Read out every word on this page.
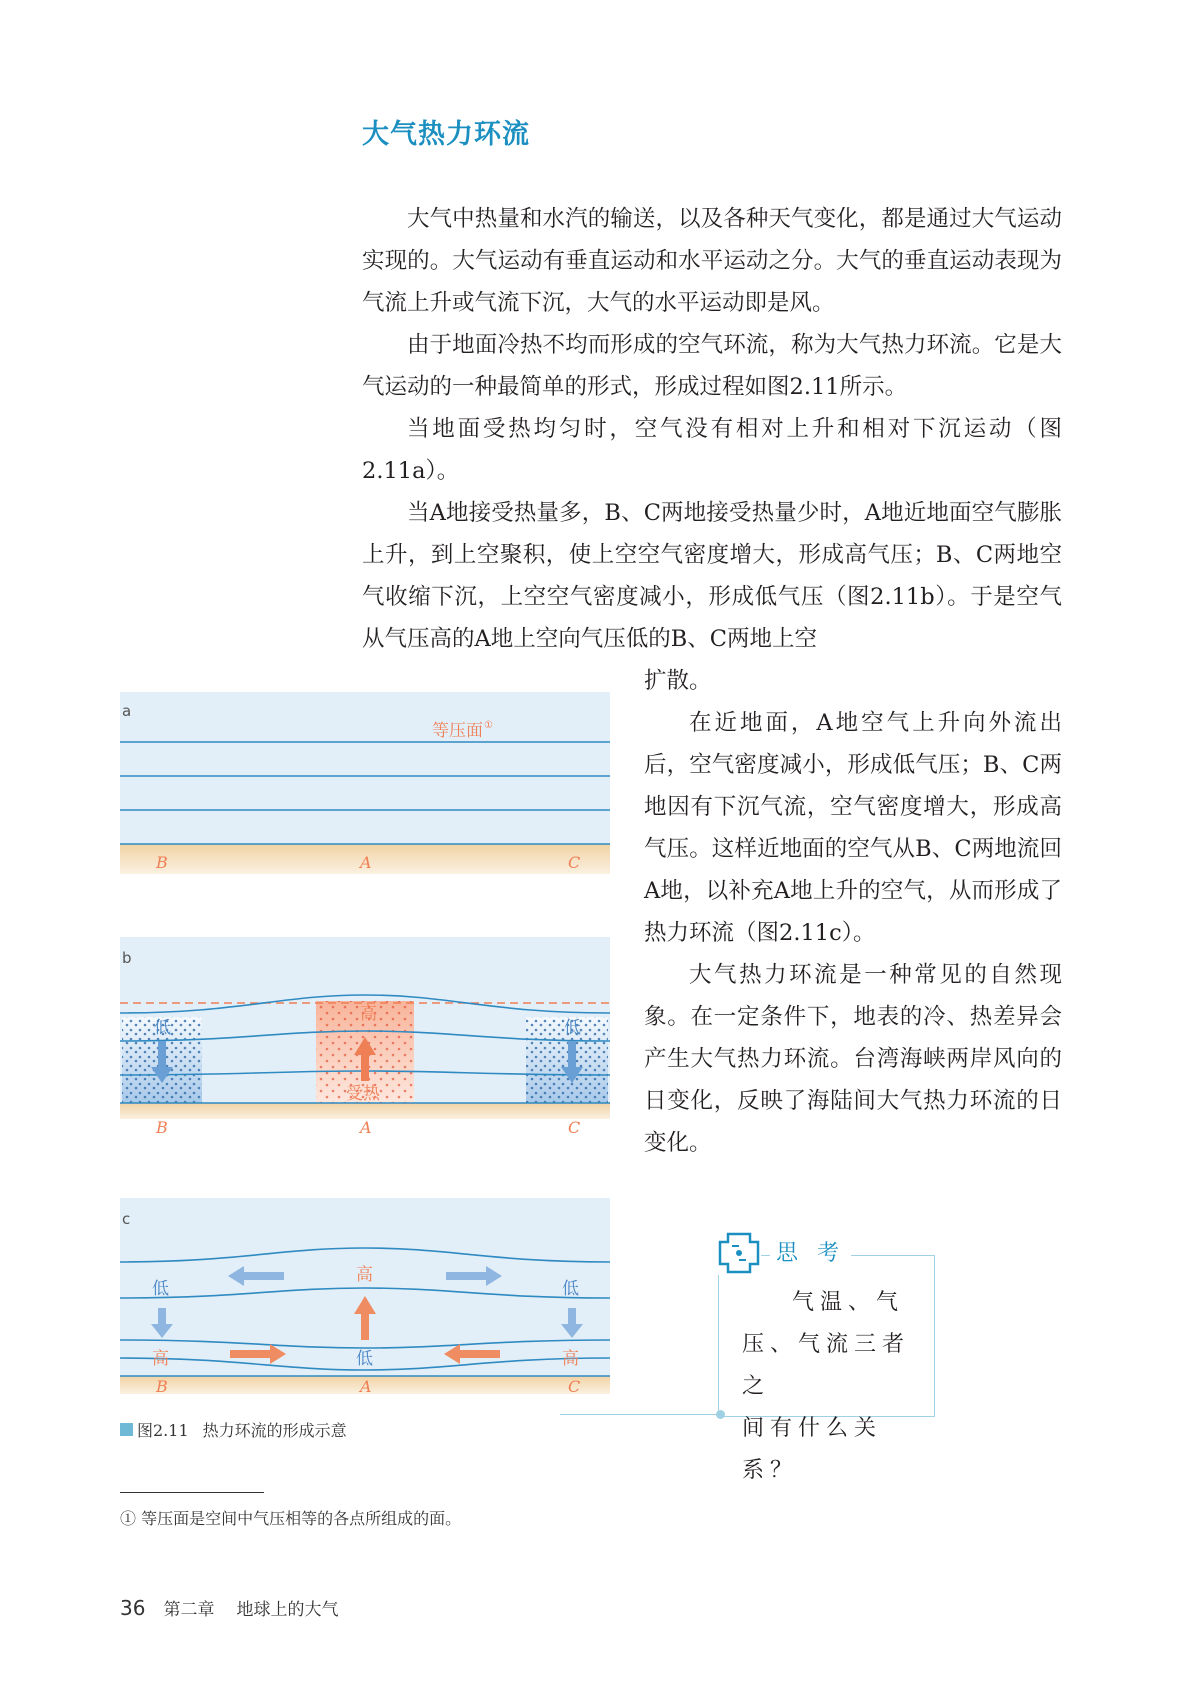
大气热力环流

大气中热量和水汽的输送，以及各种天气变化，都是通过大气运动实现的。大气运动有垂直运动和水平运动之分。大气的垂直运动表现为气流上升或气流下沉，大气的水平运动即是风。

由于地面冷热不均而形成的空气环流，称为大气热力环流。它是大气运动的一种最简单的形式，形成过程如图2.11所示。

当地面受热均匀时，空气没有相对上升和相对下沉运动（图2.11a）。

当A地接受热量多，B、C两地接受热量少时，A地近地面空气膨胀上升，到上空聚积，使上空空气密度增大，形成高气压；B、C两地空气收缩下沉，上空空气密度减小，形成低气压（图2.11b）。于是空气从气压高的A地上空向气压低的B、C两地上空

扩散。

在近地面，A地空气上升向外流出后，空气密度减小，形成低气压；B、C两地因有下沉气流，空气密度增大，形成高气压。这样近地面的空气从B、C两地流回A地，以补充A地上升的空气，从而形成了热力环流（图2.11c）。

大气热力环流是一种常见的自然现象。在一定条件下，地表的冷、热差异会产生大气热力环流。台湾海峡两岸风向的日变化，反映了海陆间大气热力环流的日变化。

a
等压面 ①
B	A	C
b
高
低	低
受热
B	A	C
c
高
低	低
低
高	高
B	A	C
图2.11 热力环流的形成示意
思 考
气温、气
压、气流三者之
间有什么关系？
① 等压面是空间中气压相等的各点所组成的面。
36 第二章 地球上的大气
